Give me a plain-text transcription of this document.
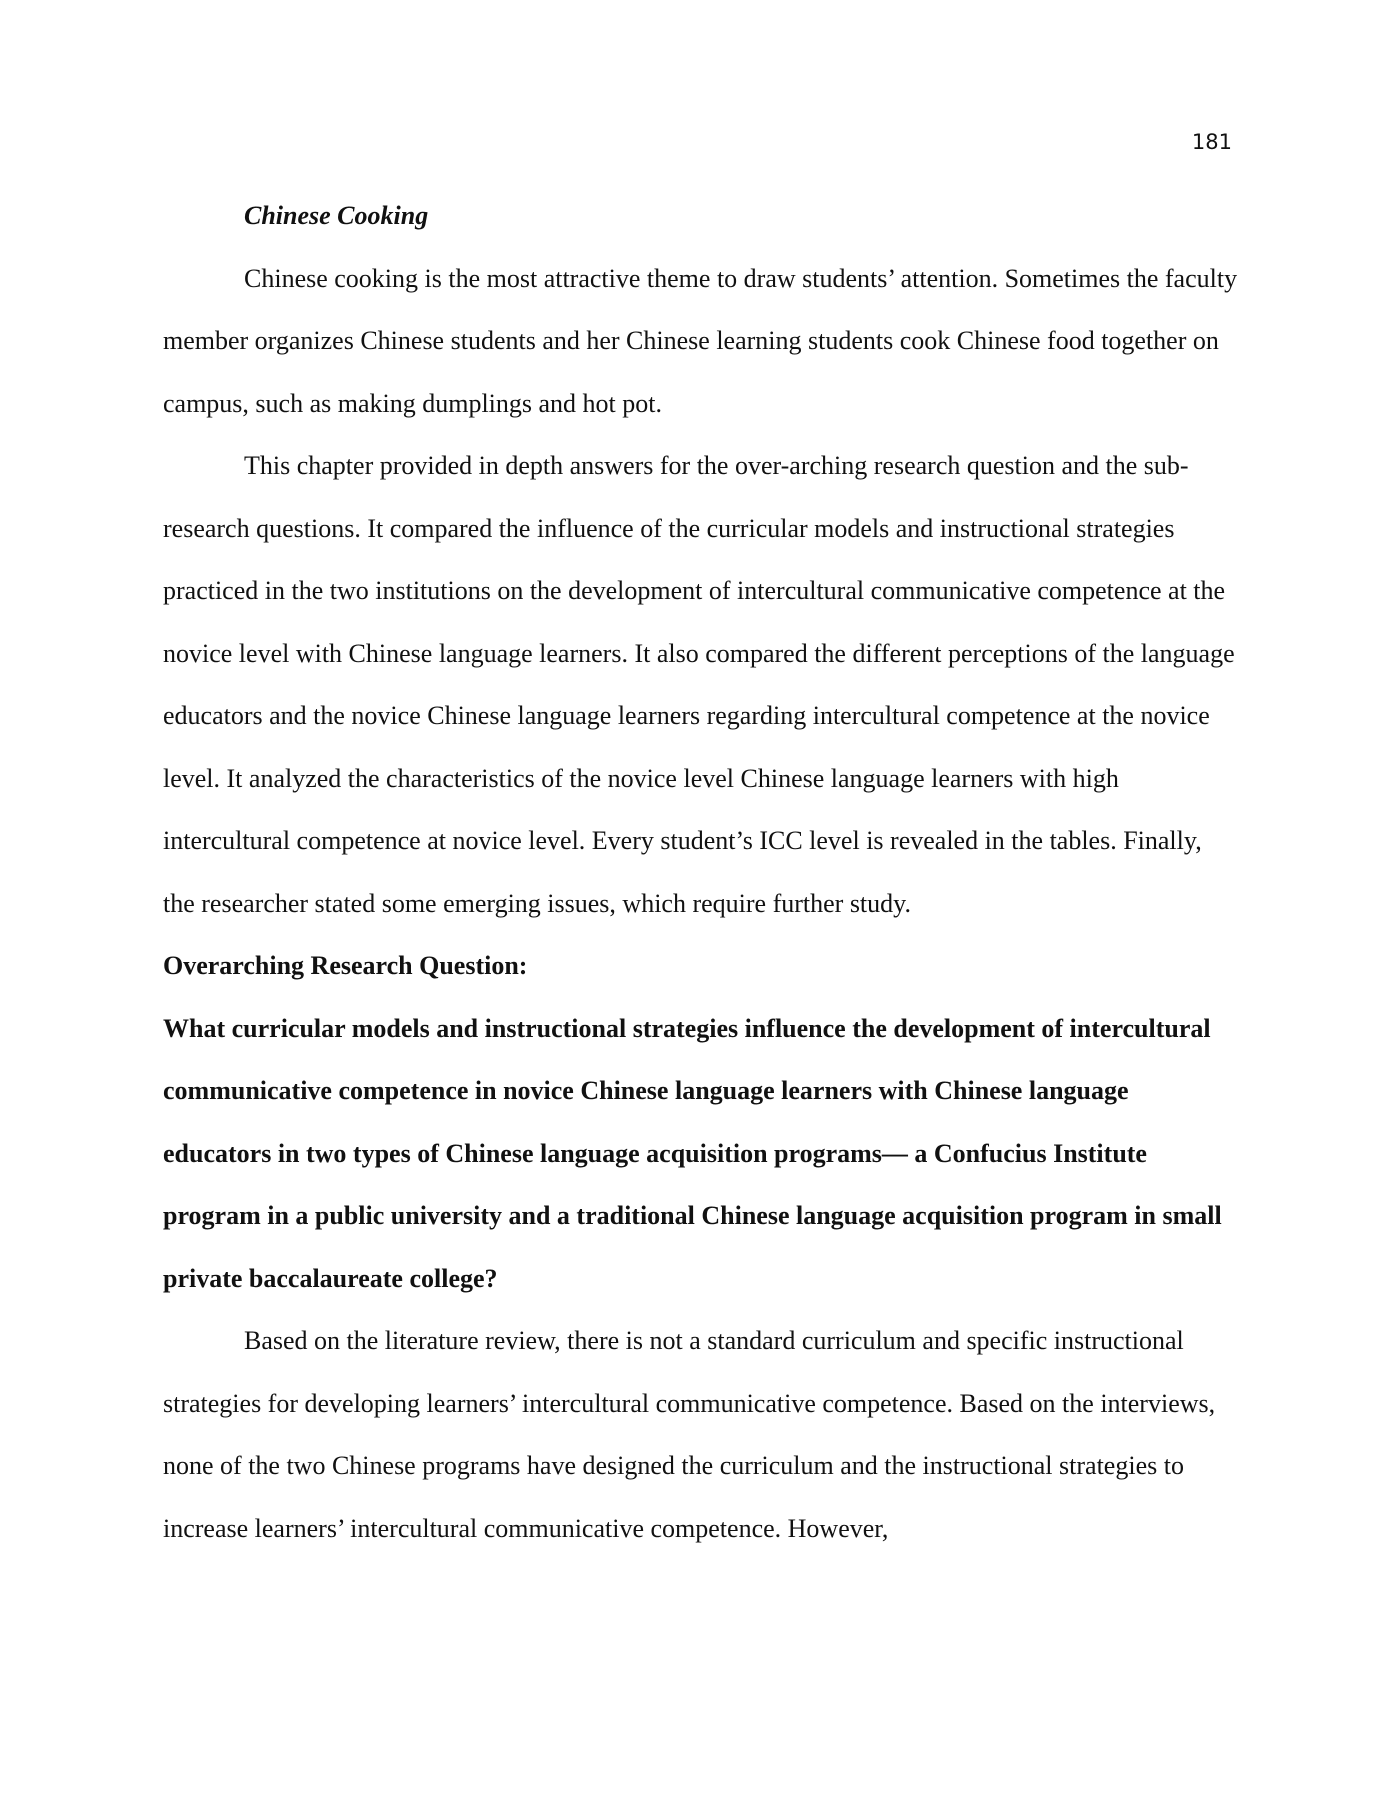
181

Chinese Cooking

Chinese cooking is the most attractive theme to draw students’ attention. Sometimes the faculty member organizes Chinese students and her Chinese learning students cook Chinese food together on campus, such as making dumplings and hot pot.

This chapter provided in depth answers for the over-arching research question and the sub-research questions. It compared the influence of the curricular models and instructional strategies practiced in the two institutions on the development of intercultural communicative competence at the novice level with Chinese language learners. It also compared the different perceptions of the language educators and the novice Chinese language learners regarding intercultural competence at the novice level. It analyzed the characteristics of the novice level Chinese language learners with high intercultural competence at novice level. Every student’s ICC level is revealed in the tables. Finally, the researcher stated some emerging issues, which require further study.

Overarching Research Question:

What curricular models and instructional strategies influence the development of intercultural communicative competence in novice Chinese language learners with Chinese language educators in two types of Chinese language acquisition programs— a Confucius Institute program in a public university and a traditional Chinese language acquisition program in small private baccalaureate college?

Based on the literature review, there is not a standard curriculum and specific instructional strategies for developing learners’ intercultural communicative competence. Based on the interviews, none of the two Chinese programs have designed the curriculum and the instructional strategies to increase learners’ intercultural communicative competence. However,
